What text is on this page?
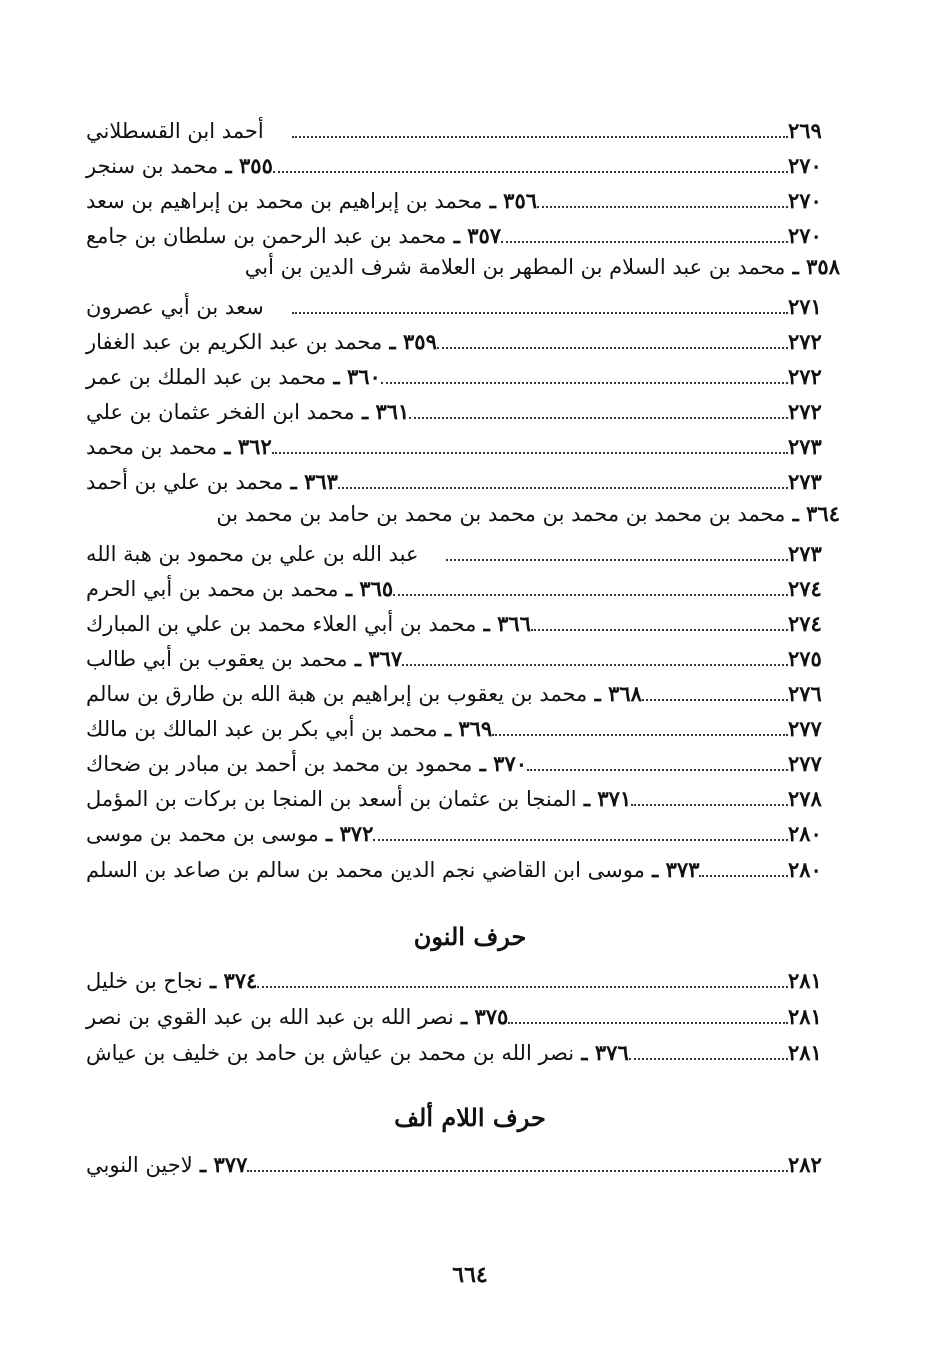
أحمد ابن القسطلاني	٢٦٩
٣٥٥ ـ محمد بن سنجر	٢٧٠
٣٥٦ ـ محمد بن إبراهيم بن محمد بن إبراهيم بن سعد	٢٧٠
٣٥٧ ـ محمد بن عبد الرحمن بن سلطان بن جامع	٢٧٠
٣٥٨ ـ محمد بن عبد السلام بن المطهر بن العلامة شرف الدين بن أبي
سعد بن أبي عصرون	٢٧١
٣٥٩ ـ محمد بن عبد الكريم بن عبد الغفار	٢٧٢
٣٦٠ ـ محمد بن عبد الملك بن عمر	٢٧٢
٣٦١ ـ محمد ابن الفخر عثمان بن علي	٢٧٢
٣٦٢ ـ محمد بن محمد	٢٧٣
٣٦٣ ـ محمد بن علي بن أحمد	٢٧٣
٣٦٤ ـ محمد بن محمد بن محمد بن محمد بن محمد بن حامد بن محمد بن
عبد الله بن علي بن محمود بن هبة الله	٢٧٣
٣٦٥ ـ محمد بن محمد بن أبي الحرم	٢٧٤
٣٦٦ ـ محمد بن أبي العلاء محمد بن علي بن المبارك	٢٧٤
٣٦٧ ـ محمد بن يعقوب بن أبي طالب	٢٧٥
٣٦٨ ـ محمد بن يعقوب بن إبراهيم بن هبة الله بن طارق بن سالم	٢٧٦
٣٦٩ ـ محمد بن أبي بكر بن عبد المالك بن مالك	٢٧٧
٣٧٠ ـ محمود بن محمد بن أحمد بن مبادر بن ضحاك	٢٧٧
٣٧١ ـ المنجا بن عثمان بن أسعد بن المنجا بن بركات بن المؤمل	٢٧٨
٣٧٢ ـ موسى بن محمد بن موسى	٢٨٠
٣٧٣ ـ موسى ابن القاضي نجم الدين محمد بن سالم بن صاعد بن السلم	٢٨٠
حرف النون
٣٧٤ ـ نجاح بن خليل	٢٨١
٣٧٥ ـ نصر الله بن عبد الله بن عبد القوي بن نصر	٢٨١
٣٧٦ ـ نصر الله بن محمد بن عياش بن حامد بن خليف بن عياش	٢٨١
حرف اللام ألف
٣٧٧ ـ لاجين النوبي	٢٨٢
٦٦٤
